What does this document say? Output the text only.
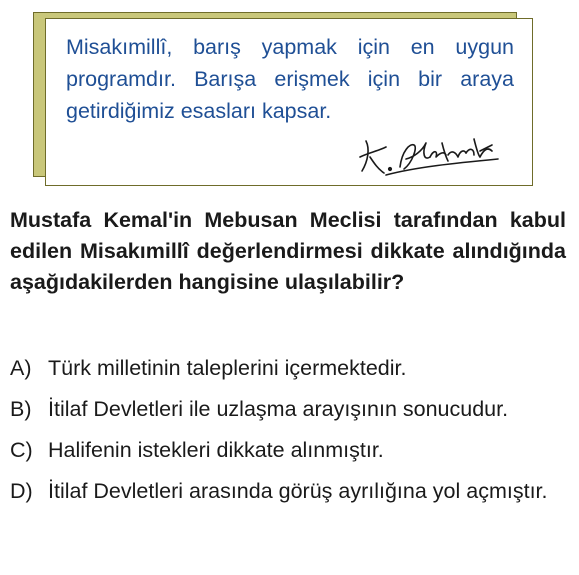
Misakımillî, barış yapmak için en uygun programdır. Barışa erişmek için bir araya getirdiğimiz esasları kapsar.

Mustafa Kemal'in Mebusan Meclisi tarafından kabul edilen Misakımillî değerlendirmesi dikkate alındığında aşağıdakilerden hangisine ulaşılabilir?

A) Türk milletinin taleplerini içermektedir.
B) İtilaf Devletleri ile uzlaşma arayışının sonucudur.
C) Halifenin istekleri dikkate alınmıştır.
D) İtilaf Devletleri arasında görüş ayrılığına yol açmıştır.
